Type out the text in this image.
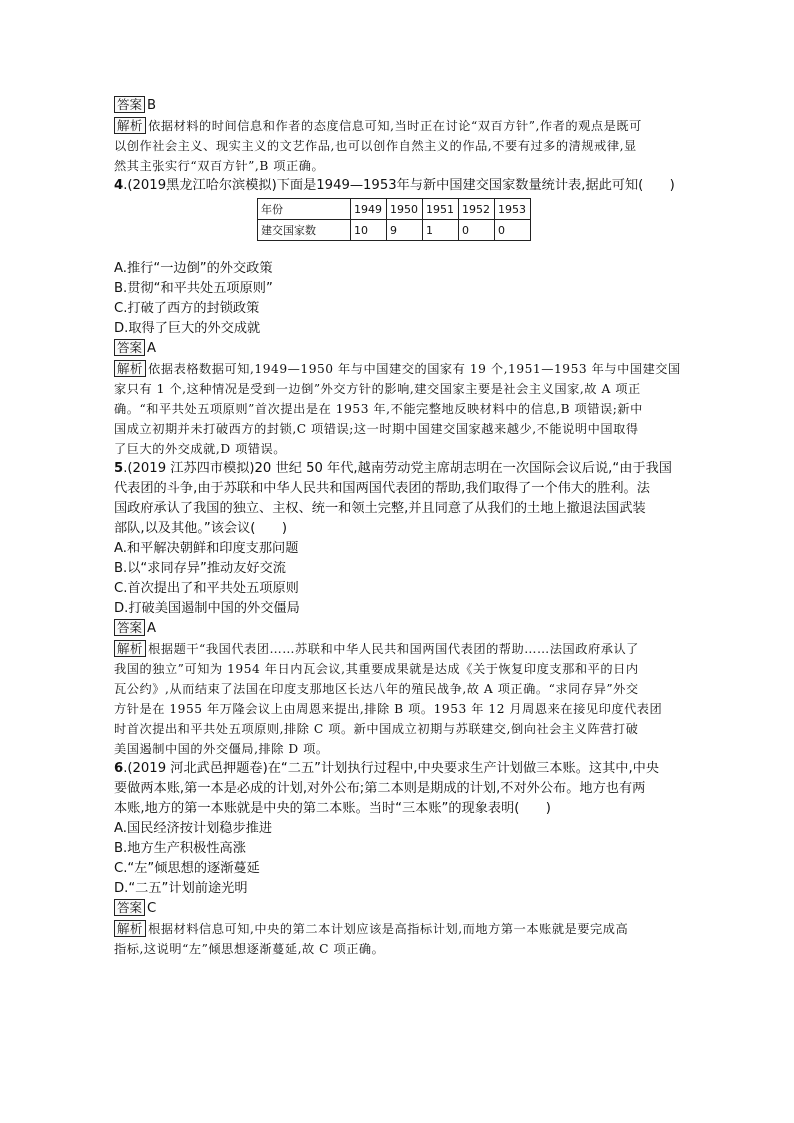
答案 B
解析 依据材料的时间信息和作者的态度信息可知,当时正在讨论“双百方针”,作者的观点是既可
以创作社会主义、现实主义的文艺作品,也可以创作自然主义的作品,不要有过多的清规戒律,显
然其主张实行“双百方针”,B 项正确。
4.(2019黑龙江哈尔滨模拟)下面是1949—1953年与新中国建交国家数量统计表,据此可知(　　)
年份	1949	1950	1951	1952	1953
建交国家数	10	9	1	0	0
A.推行“一边倒”的外交政策
B.贯彻“和平共处五项原则”
C.打破了西方的封锁政策
D.取得了巨大的外交成就
答案 A
解析 依据表格数据可知,1949—1950 年与中国建交的国家有 19 个,1951—1953 年与中国建交国
家只有 1 个,这种情况是受到一边倒”外交方针的影响,建交国家主要是社会主义国家,故 A 项正
确。“和平共处五项原则”首次提出是在 1953 年,不能完整地反映材料中的信息,B 项错误;新中
国成立初期并未打破西方的封锁,C 项错误;这一时期中国建交国家越来越少,不能说明中国取得
了巨大的外交成就,D 项错误。
5.(2019 江苏四市模拟)20 世纪 50 年代,越南劳动党主席胡志明在一次国际会议后说,“由于我国
代表团的斗争,由于苏联和中华人民共和国两国代表团的帮助,我们取得了一个伟大的胜利。法
国政府承认了我国的独立、主权、统一和领土完整,并且同意了从我们的土地上撤退法国武装
部队,以及其他。”该会议(　　)
A.和平解决朝鲜和印度支那问题
B.以“求同存异”推动友好交流
C.首次提出了和平共处五项原则
D.打破美国遏制中国的外交僵局
答案 A
解析 根据题干“我国代表团……苏联和中华人民共和国两国代表团的帮助……法国政府承认了
我国的独立”可知为 1954 年日内瓦会议,其重要成果就是达成《关于恢复印度支那和平的日内
瓦公约》,从而结束了法国在印度支那地区长达八年的殖民战争,故 A 项正确。“求同存异”外交
方针是在 1955 年万隆会议上由周恩来提出,排除 B 项。1953 年 12 月周恩来在接见印度代表团
时首次提出和平共处五项原则,排除 C 项。新中国成立初期与苏联建交,倒向社会主义阵营打破
美国遏制中国的外交僵局,排除 D 项。
6.(2019 河北武邑押题卷)在“二五”计划执行过程中,中央要求生产计划做三本账。这其中,中央
要做两本账,第一本是必成的计划,对外公布;第二本则是期成的计划,不对外公布。地方也有两
本账,地方的第一本账就是中央的第二本账。当时“三本账”的现象表明(　　)
A.国民经济按计划稳步推进
B.地方生产积极性高涨
C.“左”倾思想的逐渐蔓延
D.“二五”计划前途光明
答案 C
解析 根据材料信息可知,中央的第二本计划应该是高指标计划,而地方第一本账就是要完成高
指标,这说明“左”倾思想逐渐蔓延,故 C 项正确。
